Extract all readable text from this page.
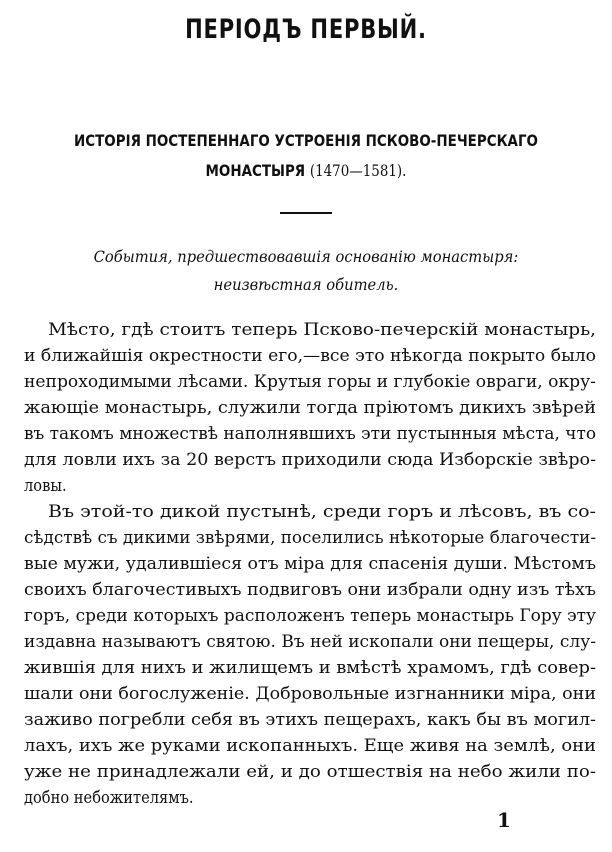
ПЕРІОДЪ ПЕРВЫЙ.
ИСТОРІЯ ПОСТЕПЕННАГО УСТРОЕНІЯ ПСКОВО-ПЕЧЕРСКАГО
МОНАСТЫРЯ (1470—1581).
События, предшествовавшія основанію монастыря:
неизвѣстная обитель.
Мѣсто, гдѣ стоитъ теперь Псково-печерскій монастырь,
и ближайшія окрестности его,—все это нѣкогда покрыто было
непроходимыми лѣсами. Крутыя горы и глубокіе овраги, окру-
жающіе монастырь, служили тогда пріютомъ дикихъ звѣрей
въ такомъ множествѣ наполнявшихъ эти пустынныя мѣста, что
для ловли ихъ за 20 верстъ приходили сюда Изборскіе звѣро-
ловы.
Въ этой-то дикой пустынѣ, среди горъ и лѣсовъ, въ со-
сѣдствѣ съ дикими звѣрями, поселились нѣкоторые благочести-
вые мужи, удалившіеся отъ міра для спасенія души. Мѣстомъ
своихъ благочестивыхъ подвиговъ они избрали одну изъ тѣхъ
горъ, среди которыхъ расположенъ теперь монастырь Гору эту
издавна называютъ святою. Въ ней ископали они пещеры, слу-
жившія для нихъ и жилищемъ и вмѣстѣ храмомъ, гдѣ совер-
шали они богослуженіе. Добровольные изгнанники міра, они
заживо погребли себя въ этихъ пещерахъ, какъ бы въ могил-
лахъ, ихъ же руками ископанныхъ. Еще живя на землѣ, они
уже не принадлежали ей, и до отшествія на небо жили по-
добно небожителямъ.
1
